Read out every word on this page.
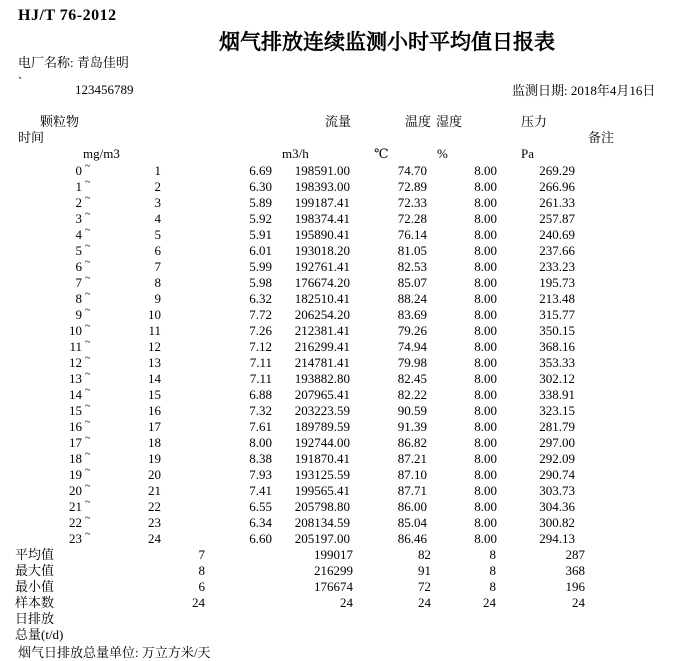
HJ/T 76-2012
烟气排放连续监测小时平均值日报表
电厂名称: 青岛佳明
`
123456789	监测日期: 2018年4月16日
颗粒物	流量	温度 湿度	压力
时间	备注
mg/m3	m3/h	℃	%	Pa
0 ~	1	6.69	198591.00	74.70	8.00	269.29
1 ~	2	6.30	198393.00	72.89	8.00	266.96
2 ~	3	5.89	199187.41	72.33	8.00	261.33
3 ~	4	5.92	198374.41	72.28	8.00	257.87
4 ~	5	5.91	195890.41	76.14	8.00	240.69
5 ~	6	6.01	193018.20	81.05	8.00	237.66
6 ~	7	5.99	192761.41	82.53	8.00	233.23
7 ~	8	5.98	176674.20	85.07	8.00	195.73
8 ~	9	6.32	182510.41	88.24	8.00	213.48
9 ~	10	7.72	206254.20	83.69	8.00	315.77
10 ~	11	7.26	212381.41	79.26	8.00	350.15
11 ~	12	7.12	216299.41	74.94	8.00	368.16
12 ~	13	7.11	214781.41	79.98	8.00	353.33
13 ~	14	7.11	193882.80	82.45	8.00	302.12
14 ~	15	6.88	207965.41	82.22	8.00	338.91
15 ~	16	7.32	203223.59	90.59	8.00	323.15
16 ~	17	7.61	189789.59	91.39	8.00	281.79
17 ~	18	8.00	192744.00	86.82	8.00	297.00
18 ~	19	8.38	191870.41	87.21	8.00	292.09
19 ~	20	7.93	193125.59	87.10	8.00	290.74
20 ~	21	7.41	199565.41	87.71	8.00	303.73
21 ~	22	6.55	205798.80	86.00	8.00	304.36
22 ~	23	6.34	208134.59	85.04	8.00	300.82
23 ~	24	6.60	205197.00	86.46	8.00	294.13
平均值	7	199017	82	8	287
最大值	8	216299	91	8	368
最小值	6	176674	72	8	196
样本数	24	24	24	24	24
日排放
总量(t/d)
烟气日排放总量单位: 万立方米/天
